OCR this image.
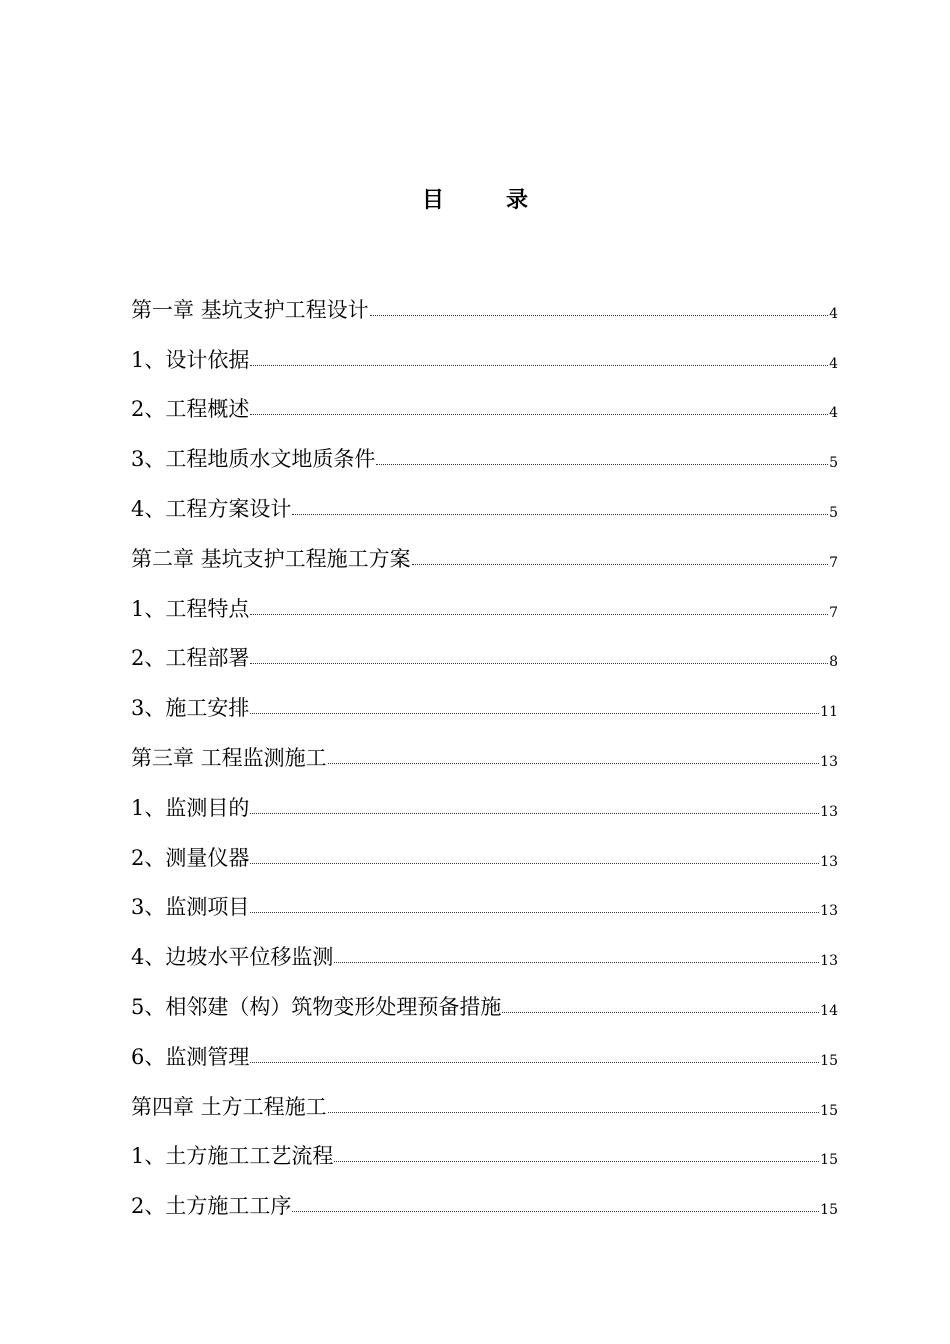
目	录
第一章 基坑支护工程设计	4
1、设计依据	4
2、工程概述	4
3、工程地质水文地质条件	5
4、工程方案设计	5
第二章 基坑支护工程施工方案	7
1、工程特点	7
2、工程部署	8
3、施工安排	11
第三章 工程监测施工	13
1、监测目的	13
2、测量仪器	13
3、监测项目	13
4、边坡水平位移监测	13
5、相邻建（构）筑物变形处理预备措施	14
6、监测管理	15
第四章 土方工程施工	15
1、土方施工工艺流程	15
2、土方施工工序	15
